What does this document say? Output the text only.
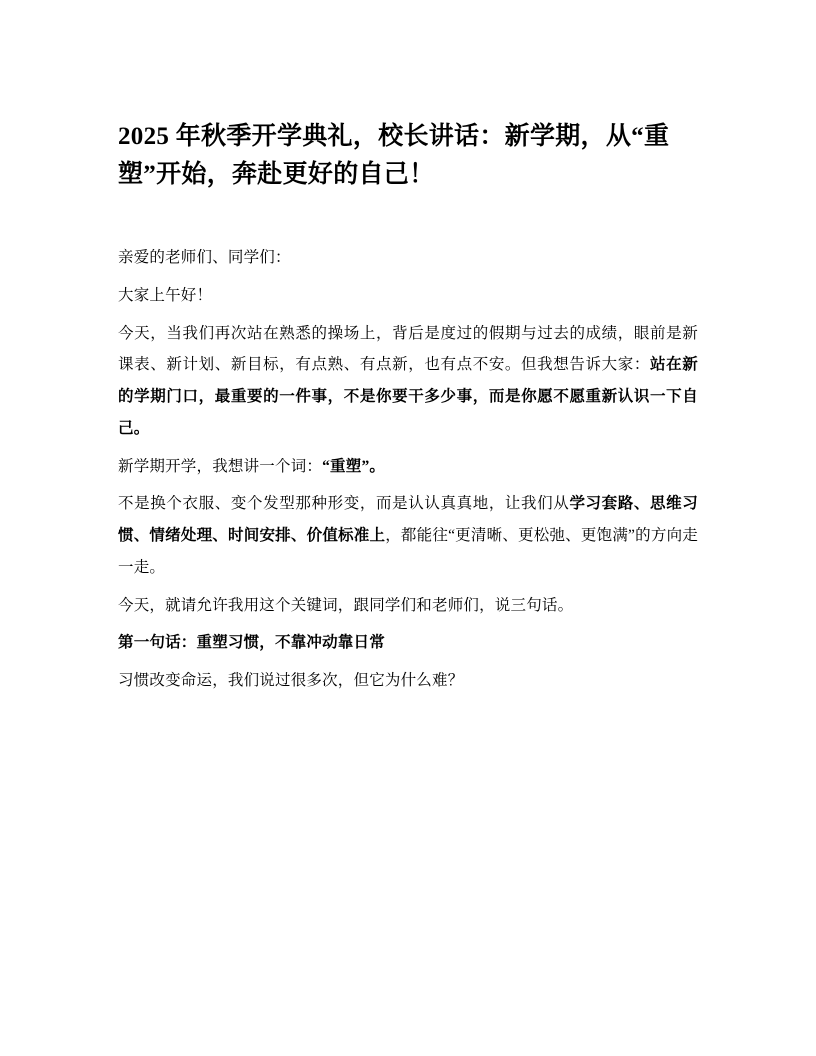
2025 年秋季开学典礼，校长讲话：新学期，从“重塑”开始，奔赴更好的自己！
亲爱的老师们、同学们：
大家上午好！
今天，当我们再次站在熟悉的操场上，背后是度过的假期与过去的成绩，眼前是新课表、新计划、新目标，有点熟、有点新，也有点不安。但我想告诉大家：站在新的学期门口，最重要的一件事，不是你要干多少事，而是你愿不愿重新认识一下自己。
新学期开学，我想讲一个词：“重塑”。
不是换个衣服、变个发型那种形变，而是认认真真地，让我们从学习套路、思维习惯、情绪处理、时间安排、价值标准上，都能往“更清晰、更松弛、更饱满”的方向走一走。
今天，就请允许我用这个关键词，跟同学们和老师们，说三句话。
第一句话：重塑习惯，不靠冲动靠日常
习惯改变命运，我们说过很多次，但它为什么难？
